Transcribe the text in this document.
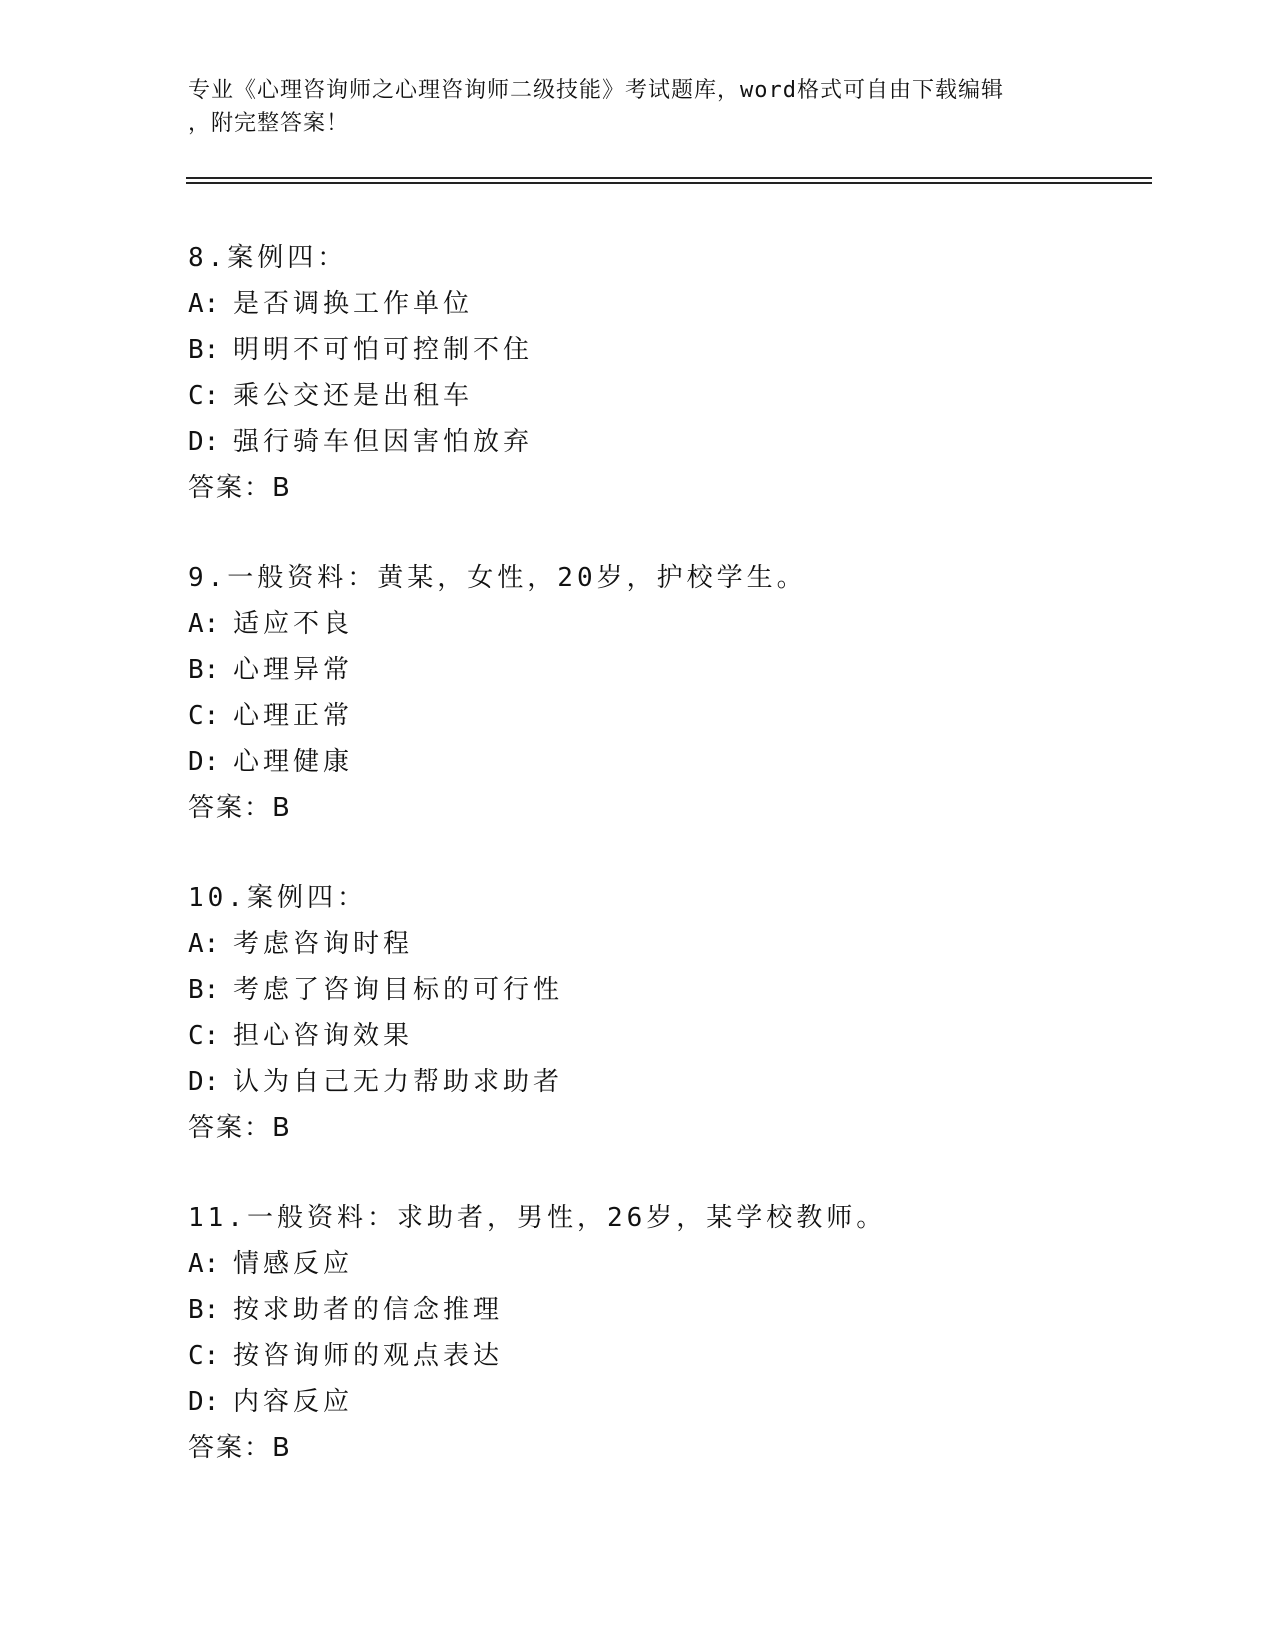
专业《心理咨询师之心理咨询师二级技能》考试题库，word格式可自由下载编辑
，附完整答案！
8.案例四：
A: 是否调换工作单位
B: 明明不可怕可控制不住
C: 乘公交还是出租车
D: 强行骑车但因害怕放弃
答案：B
9.一般资料：黄某，女性，20岁，护校学生。
A: 适应不良
B: 心理异常
C: 心理正常
D: 心理健康
答案：B
10.案例四：
A: 考虑咨询时程
B: 考虑了咨询目标的可行性
C: 担心咨询效果
D: 认为自己无力帮助求助者
答案：B
11.一般资料：求助者，男性，26岁，某学校教师。
A: 情感反应
B: 按求助者的信念推理
C: 按咨询师的观点表达
D: 内容反应
答案：B
